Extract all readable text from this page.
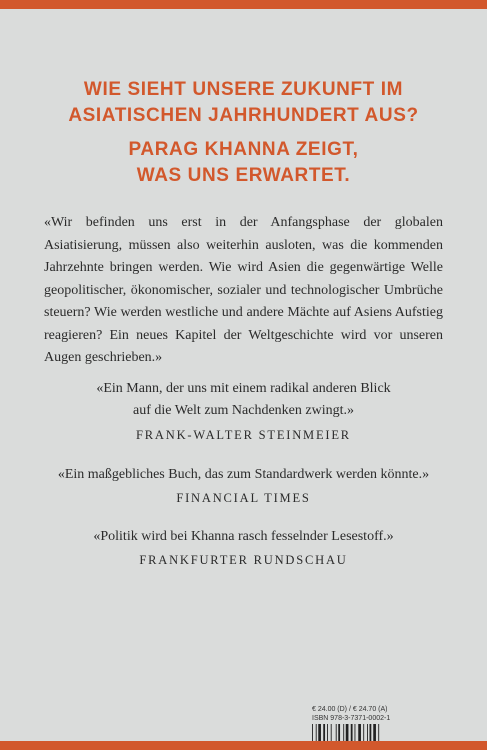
WIE SIEHT UNSERE ZUKUNFT IM
ASIATISCHEN JAHRHUNDERT AUS?
PARAG KHANNA ZEIGT,
WAS UNS ERWARTET.

«Wir befinden uns erst in der Anfangsphase der globalen Asiatisierung, müssen also weiterhin ausloten, was die kommenden Jahrzehnte bringen werden. Wie wird Asien die gegenwärtige Welle geopolitischer, ökonomischer, sozialer und technologischer Umbrüche steuern? Wie werden westliche und andere Mächte auf Asiens Aufstieg reagieren? Ein neues Kapitel der Weltgeschichte wird vor unseren Augen geschrieben.»

«Ein Mann, der uns mit einem radikal anderen Blick
auf die Welt zum Nachdenken zwingt.»

FRANK-WALTER STEINMEIER

«Ein maßgebliches Buch, das zum Standardwerk werden könnte.»

FINANCIAL TIMES

«Politik wird bei Khanna rasch fesselnder Lesestoff.»

FRANKFURTER RUNDSCHAU

€ 24.00 (D) / € 24.70 (A)
ISBN 978-3-7371-0002-1
